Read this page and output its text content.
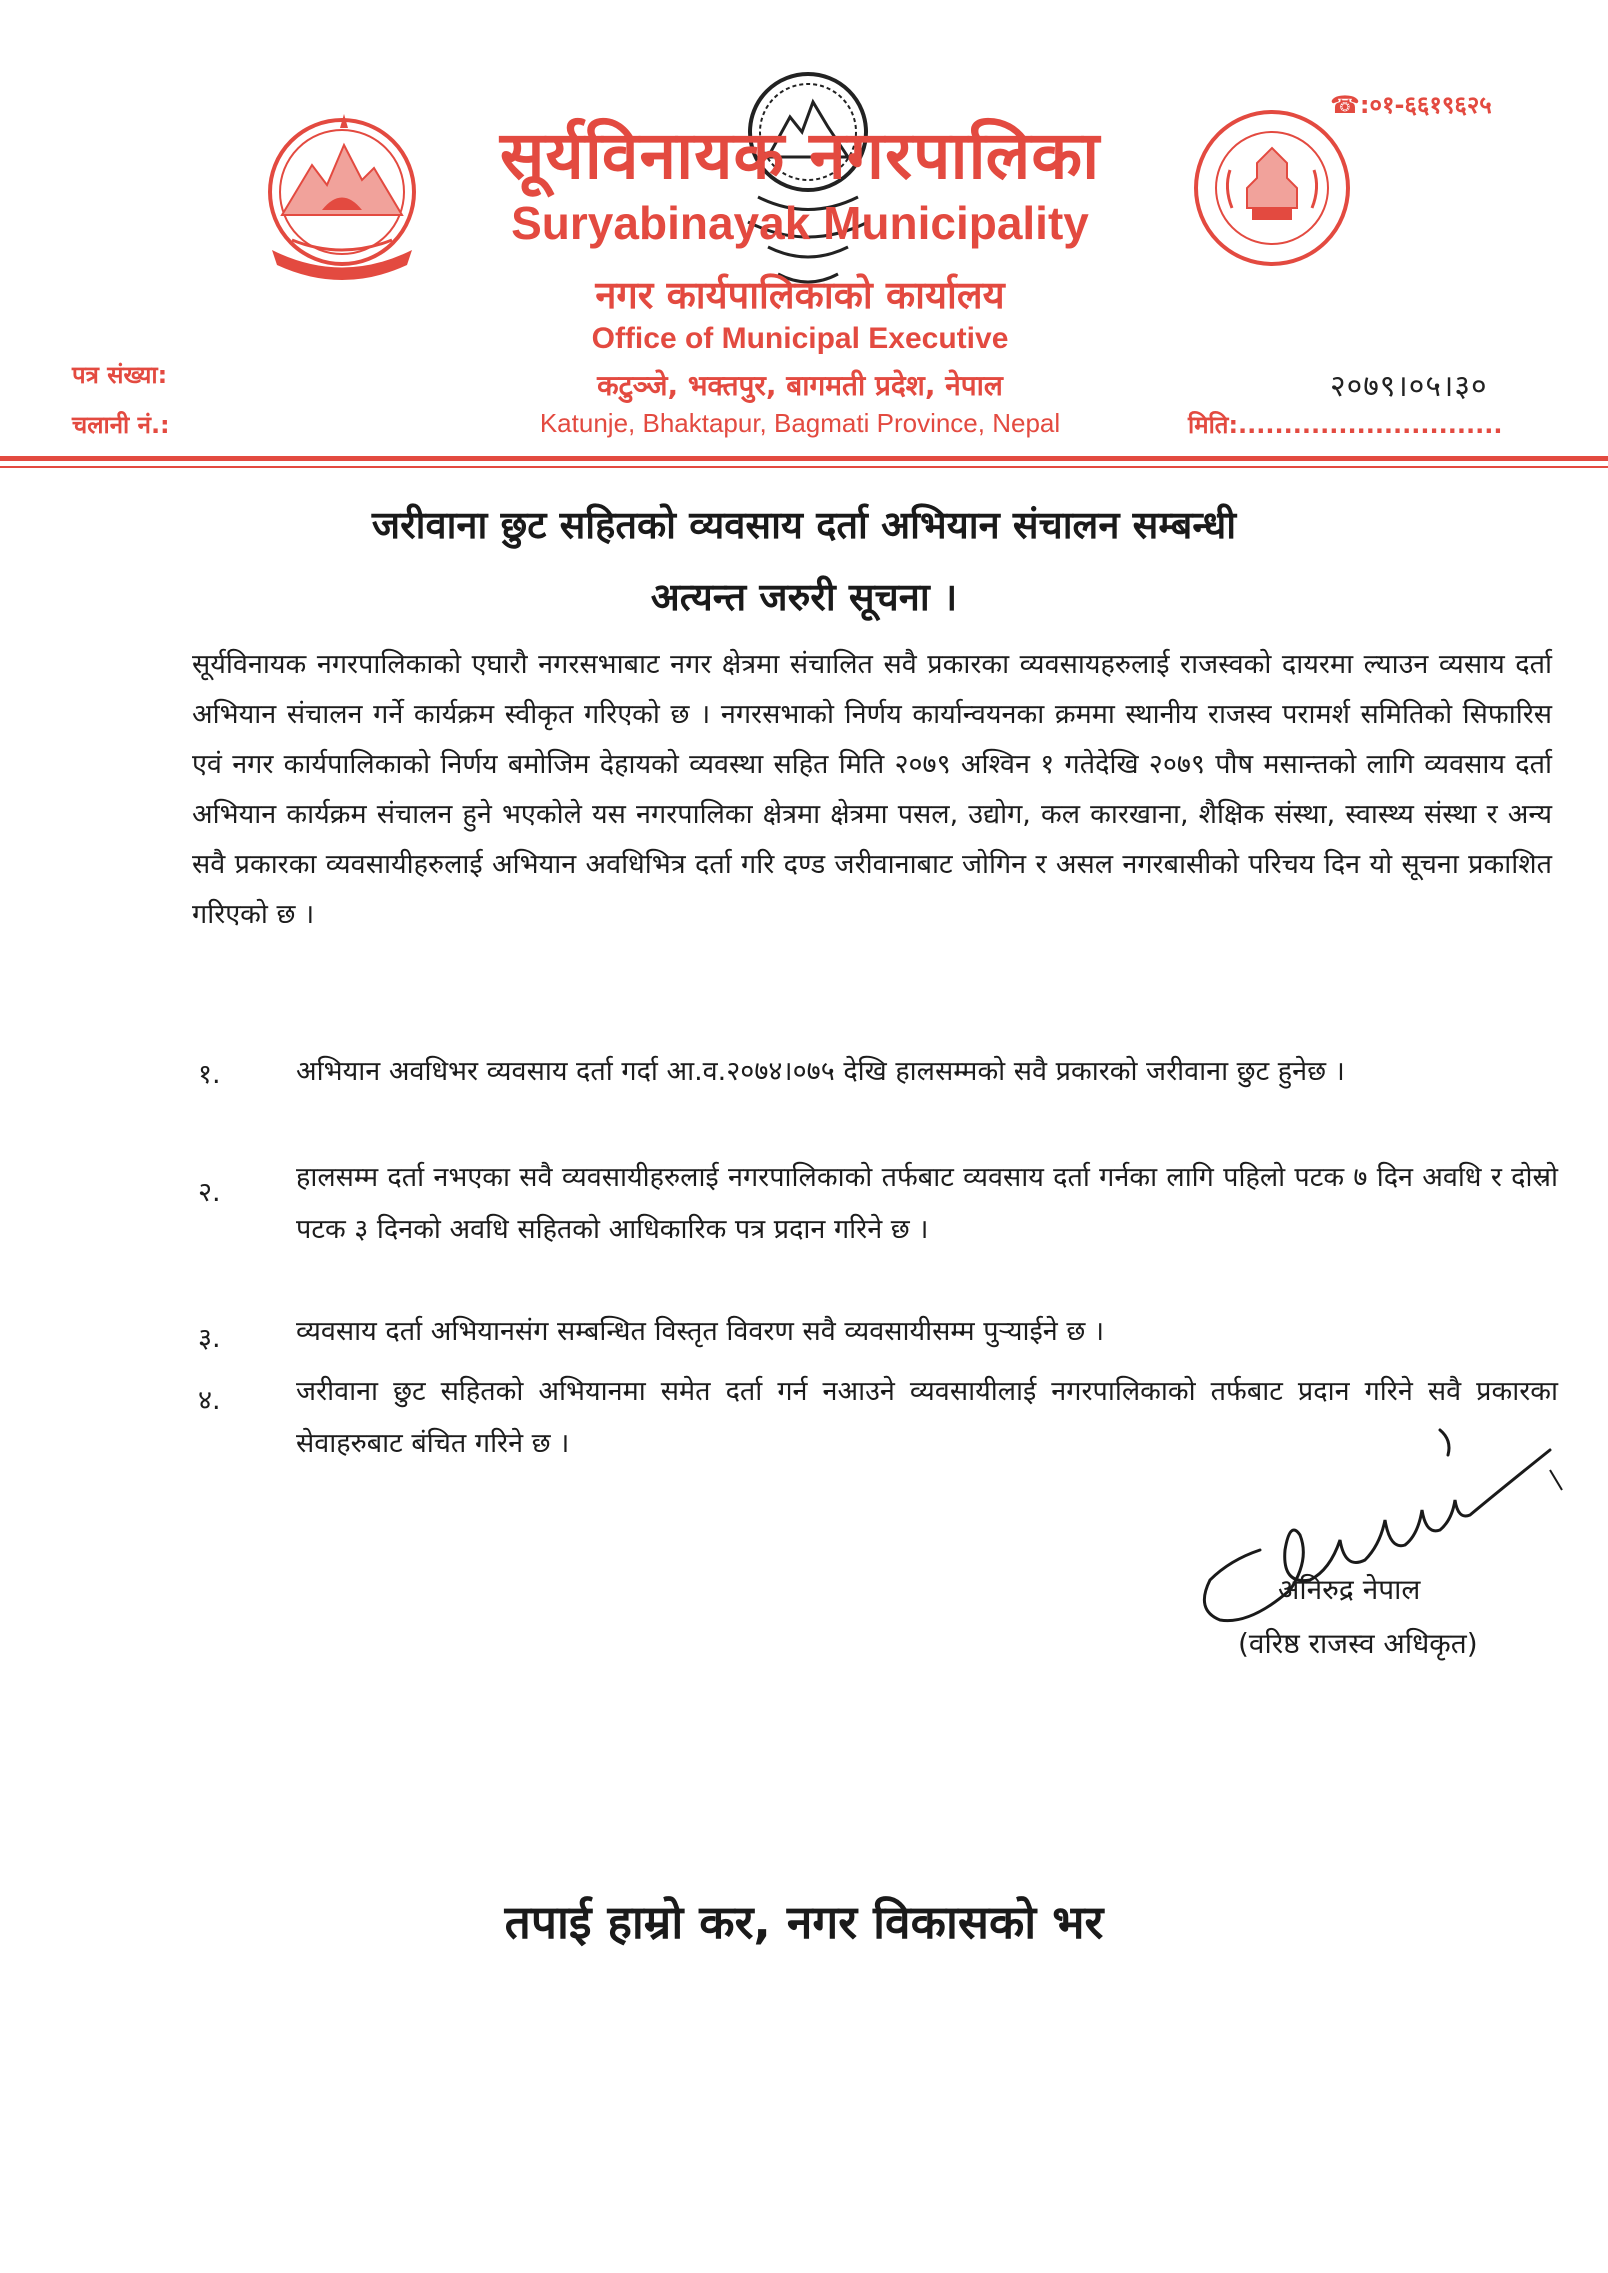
☎:०१-६६१९६२५
सूर्यविनायक नगरपालिका
Suryabinayak Municipality
नगर कार्यपालिकाको कार्यालय
Office of Municipal Executive
कटुञ्जे, भक्तपुर, बागमती प्रदेश, नेपाल
Katunje, Bhaktapur, Bagmati Province, Nepal
पत्र संख्या:
चलानी नं.:
२०७९।०५।३०
मिति:.............................
जरीवाना छुट सहितको व्यवसाय दर्ता अभियान संचालन सम्बन्धी
अत्यन्त जरुरी सूचना ।
सूर्यविनायक नगरपालिकाको एघारौ नगरसभाबाट नगर क्षेत्रमा संचालित सवै प्रकारका व्यवसायहरुलाई राजस्वको दायरमा ल्याउन व्यसाय दर्ता अभियान संचालन गर्ने कार्यक्रम स्वीकृत गरिएको छ । नगरसभाको निर्णय कार्यान्वयनका क्रममा स्थानीय राजस्व परामर्श समितिको सिफारिस एवं नगर कार्यपालिकाको निर्णय बमोजिम देहायको व्यवस्था सहित मिति २०७९ अश्विन १ गतेदेखि २०७९ पौष मसान्तको लागि व्यवसाय दर्ता अभियान कार्यक्रम संचालन हुने भएकोले यस नगरपालिका क्षेत्रमा क्षेत्रमा पसल, उद्योग, कल कारखाना, शैक्षिक संस्था, स्वास्थ्य संस्था र अन्य सवै प्रकारका व्यवसायीहरुलाई अभियान अवधिभित्र दर्ता गरि दण्ड जरीवानाबाट जोगिन र असल नगरबासीको परिचय दिन यो सूचना प्रकाशित गरिएको छ ।
१.	अभियान अवधिभर व्यवसाय दर्ता गर्दा आ.व.२०७४।०७५ देखि हालसम्मको सवै प्रकारको जरीवाना छुट हुनेछ ।
२.	हालसम्म दर्ता नभएका सवै व्यवसायीहरुलाई नगरपालिकाको तर्फबाट व्यवसाय दर्ता गर्नका लागि पहिलो पटक ७ दिन अवधि र दोस्रो पटक ३ दिनको अवधि सहितको आधिकारिक पत्र प्रदान गरिने छ ।
३.	व्यवसाय दर्ता अभियानसंग सम्बन्धित विस्तृत विवरण सवै व्यवसायीसम्म पुर्‍याईने छ ।
४.	जरीवाना छुट सहितको अभियानमा समेत दर्ता गर्न नआउने व्यवसायीलाई नगरपालिकाको तर्फबाट प्रदान गरिने सवै प्रकारका सेवाहरुबाट बंचित गरिने छ ।
अनिरुद्र नेपाल
(वरिष्ठ राजस्व अधिकृत)
तपाई हाम्रो कर, नगर विकासको भर
